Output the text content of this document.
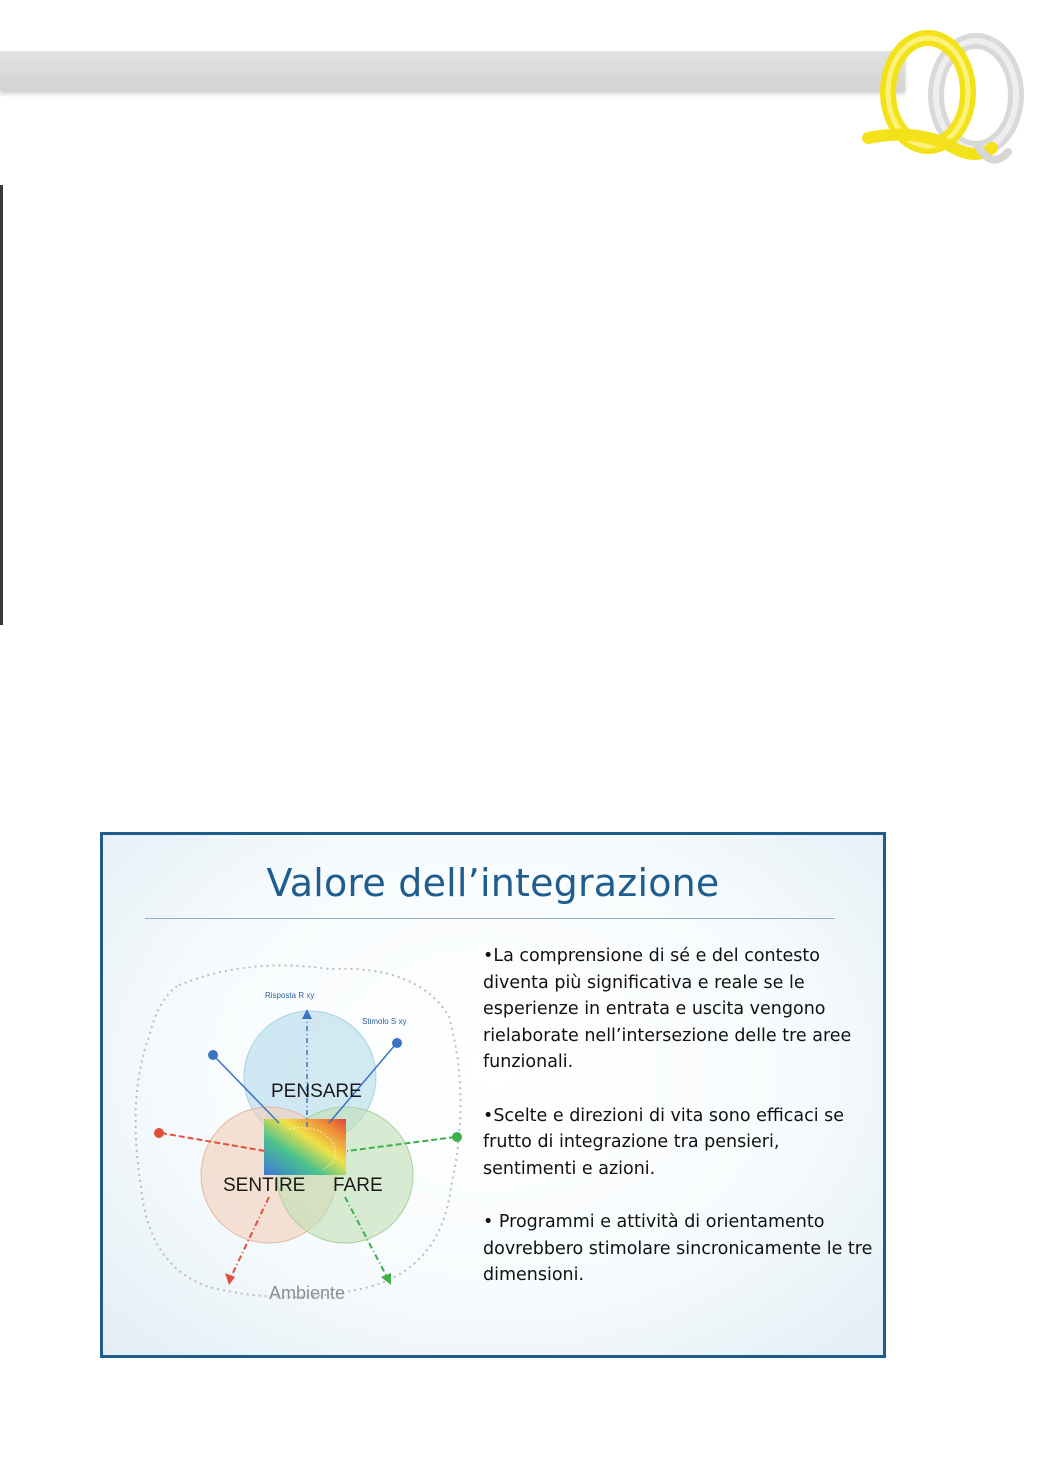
Valore dell’integrazione
Risposta R xy
Stimolo S xy
PENSARE
SENTIRE FARE
Ambiente

•La comprensione di sé e del contesto diventa più significativa e reale se le esperienze in entrata e uscita vengono rielaborate nell’intersezione delle tre aree funzionali.

•Scelte e direzioni di vita sono efficaci se frutto di integrazione tra pensieri, sentimenti e azioni.

• Programmi e attività di orientamento dovrebbero stimolare sincronicamente le tre dimensioni.
